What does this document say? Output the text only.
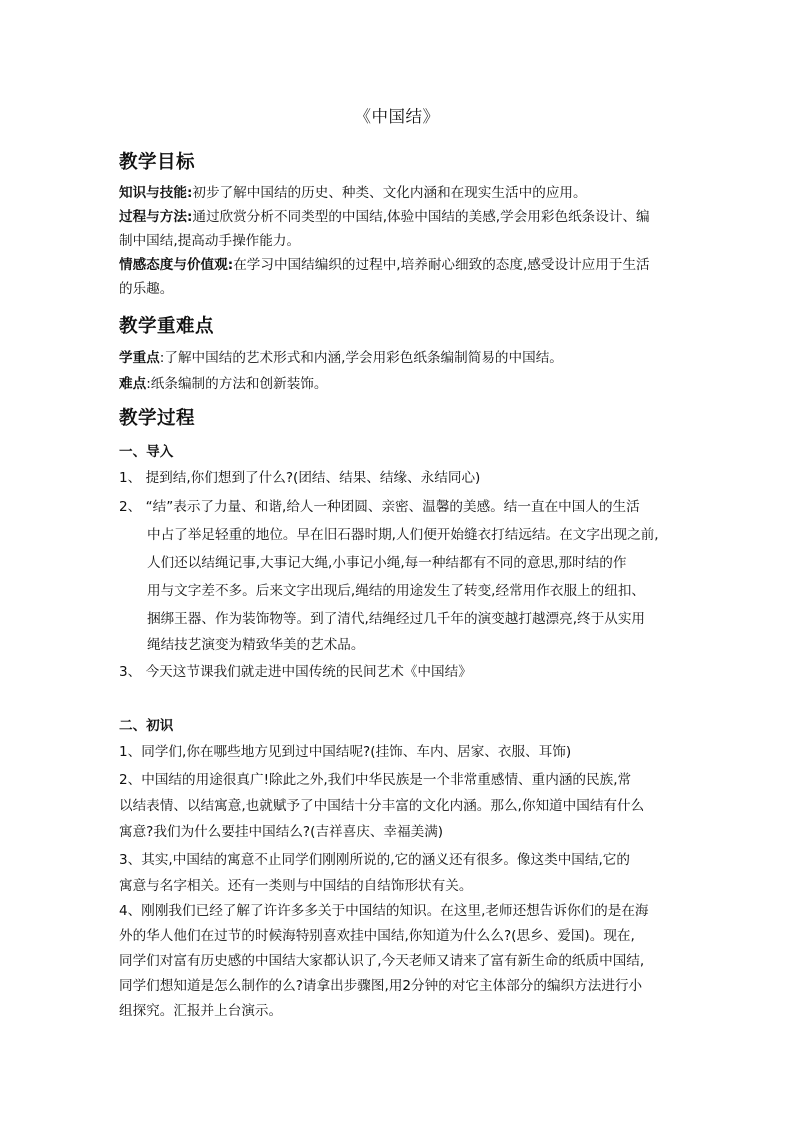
《中国结》
教学目标
知识与技能:初步了解中国结的历史、种类、文化内涵和在现实生活中的应用。
过程与方法:通过欣赏分析不同类型的中国结,体验中国结的美感,学会用彩色纸条设计、编
制中国结,提高动手操作能力。
情感态度与价值观:在学习中国结编织的过程中,培养耐心细致的态度,感受设计应用于生活
的乐趣。
教学重难点
学重点:了解中国结的艺术形式和内涵,学会用彩色纸条编制简易的中国结。
难点:纸条编制的方法和创新装饰。
教学过程
一、导入
1、 提到结,你们想到了什么?(团结、结果、结缘、永结同心)
2、 “结”表示了力量、和谐,给人一种团圆、亲密、温馨的美感。结一直在中国人的生活
中占了举足轻重的地位。早在旧石器时期,人们便开始缝衣打结远结。在文字出现之前,
人们还以结绳记事,大事记大绳,小事记小绳,每一种结都有不同的意思,那时结的作
用与文字差不多。后来文字出现后,绳结的用途发生了转变,经常用作衣服上的纽扣、
捆绑王器、作为装饰物等。到了清代,结绳经过几千年的演变越打越漂亮,终于从实用
绳结技艺演变为精致华美的艺术品。
3、 今天这节课我们就走进中国传统的民间艺术《中国结》
二、初识
1、同学们,你在哪些地方见到过中国结呢?(挂饰、车内、居家、衣服、耳饰)
2、中国结的用途很真广!除此之外,我们中华民族是一个非常重感情、重内涵的民族,常
以结表情、以结寓意,也就赋予了中国结十分丰富的文化内涵。那么,你知道中国结有什么
寓意?我们为什么要挂中国结么?(吉祥喜庆、幸福美满)
3、其实,中国结的寓意不止同学们刚刚所说的,它的涵义还有很多。像这类中国结,它的
寓意与名字相关。还有一类则与中国结的自结饰形状有关。
4、刚刚我们已经了解了许许多多关于中国结的知识。在这里,老师还想告诉你们的是在海
外的华人他们在过节的时候海特别喜欢挂中国结,你知道为什么么?(思乡、爱国)。现在,
同学们对富有历史感的中国结大家都认识了,今天老师又请来了富有新生命的纸质中国结,
同学们想知道是怎么制作的么?请拿出步骤图,用2分钟的对它主体部分的编织方法进行小
组探究。汇报并上台演示。
